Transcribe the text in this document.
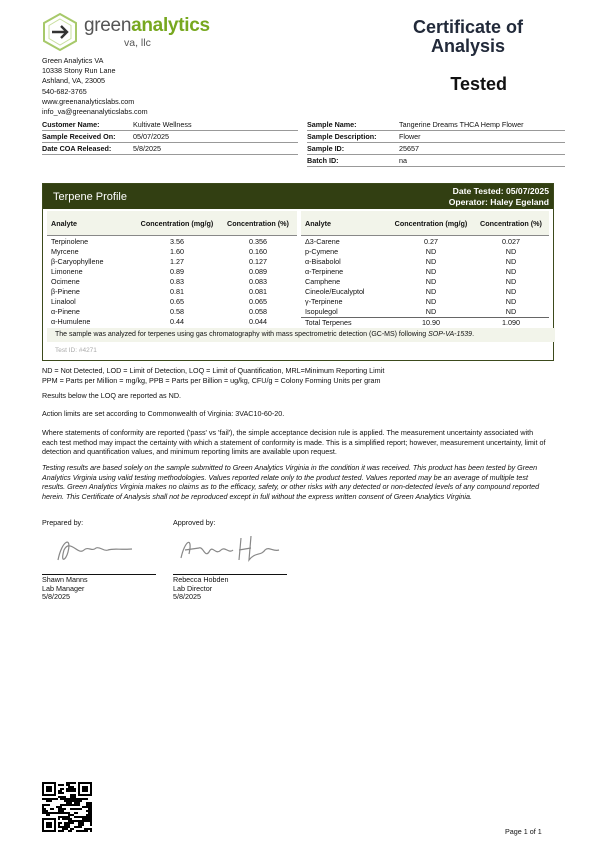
greenanalytics
va, llc
Green Analytics VA
10338 Stony Run Lane
Ashland, VA, 23005
540-682-3765
www.greenanalyticslabs.com
info_va@greenanalyticslabs.com
Certificate of Analysis
Tested
Customer Name:	Kultivate Wellness
Sample Received On:	05/07/2025
Date COA Released:	5/8/2025
Sample Name:	Tangerine Dreams THCA Hemp Flower
Sample Description:	Flower
Sample ID:	25657
Batch ID:	na
Terpene Profile	Date Tested: 05/07/2025
Operator: Haley Egeland
Analyte	Concentration (mg/g)	Concentration (%)
Terpinolene	3.56	0.356
Myrcene	1.60	0.160
β-Caryophyllene	1.27	0.127
Limonene	0.89	0.089
Ocimene	0.83	0.083
β-Pinene	0.81	0.081
Linalool	0.65	0.065
α-Pinene	0.58	0.058
α-Humulene	0.44	0.044
Analyte	Concentration (mg/g)	Concentration (%)
Δ3-Carene	0.27	0.027
p-Cymene	ND	ND
α-Bisabolol	ND	ND
α-Terpinene	ND	ND
Camphene	ND	ND
Cineole/Eucalyptol	ND	ND
γ-Terpinene	ND	ND
Isopulegol	ND	ND
Total Terpenes	10.90	1.090
The sample was analyzed for terpenes using gas chromatography with mass spectrometric detection (GC-MS) following SOP-VA-1539.
Test ID: #4271
ND = Not Detected, LOD = Limit of Detection, LOQ = Limit of Quantification, MRL=Minimum Reporting Limit
PPM = Parts per Million = mg/kg, PPB = Parts per Billion = ug/kg, CFU/g = Colony Forming Units per gram
Results below the LOQ are reported as ND.
Action limits are set according to Commonwealth of Virginia: 3VAC10-60-20.
Where statements of conformity are reported ('pass' vs 'fail'), the simple acceptance decision rule is applied. The measurement uncertainty associated with each test method may impact the certainty with which a statement of conformity is made. This is a simplified report; however, measurement uncertainty, limit of detection and quantification values, and minimum reporting limits are available upon request.
Testing results are based solely on the sample submitted to Green Analytics Virginia in the condition it was received. This product has been tested by Green Analytics Virginia using valid testing methodologies. Values reported relate only to the product tested. Values reported may be an average of multiple test results. Green Analytics Virginia makes no claims as to the efficacy, safety, or other risks with any detected or non-detected levels of any compound reported herein. This Certificate of Analysis shall not be reproduced except in full without the express written consent of Green Analytics Virginia.
Prepared by:	Approved by:
Shawn Manns
Lab Manager
5/8/2025
Rebecca Hobden
Lab Director
5/8/2025
Page 1 of 1
